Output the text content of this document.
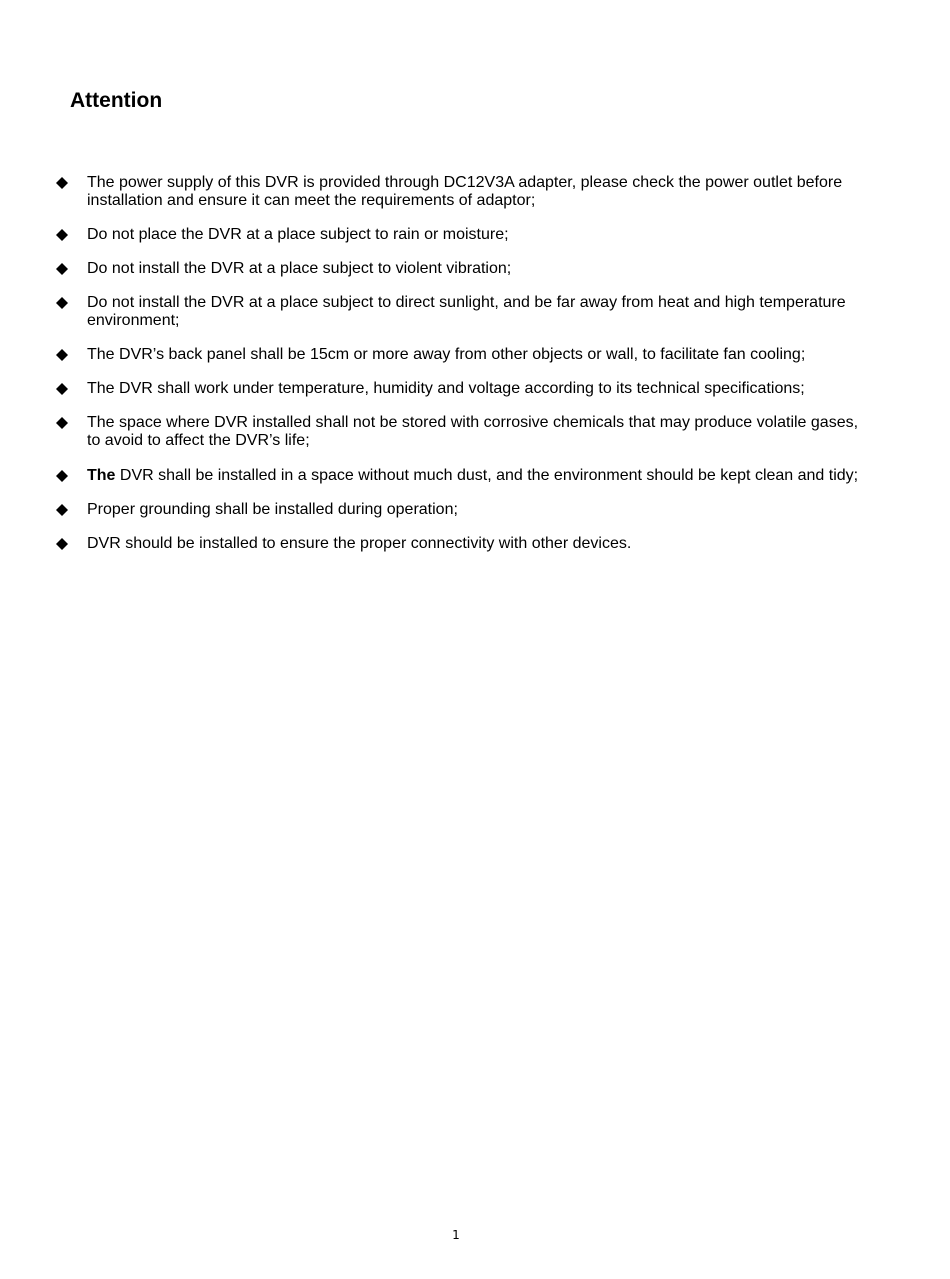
Attention
The power supply of this DVR is provided through DC12V3A adapter, please check the power outlet before installation and ensure it can meet the requirements of adaptor;
Do not place the DVR at a place subject to rain or moisture;
Do not install the DVR at a place subject to violent vibration;
Do not install the DVR at a place subject to direct sunlight, and be far away from heat and high temperature environment;
The DVR’s back panel shall be 15cm or more away from other objects or wall, to facilitate fan cooling;
The DVR shall work under temperature, humidity and voltage according to its technical specifications;
The space where DVR installed shall not be stored with corrosive chemicals that may produce volatile gases, to avoid to affect the DVR’s life;
The DVR shall be installed in a space without much dust, and the environment should be kept clean and tidy;
Proper grounding shall be installed during operation;
DVR should be installed to ensure the proper connectivity with other devices.
1
